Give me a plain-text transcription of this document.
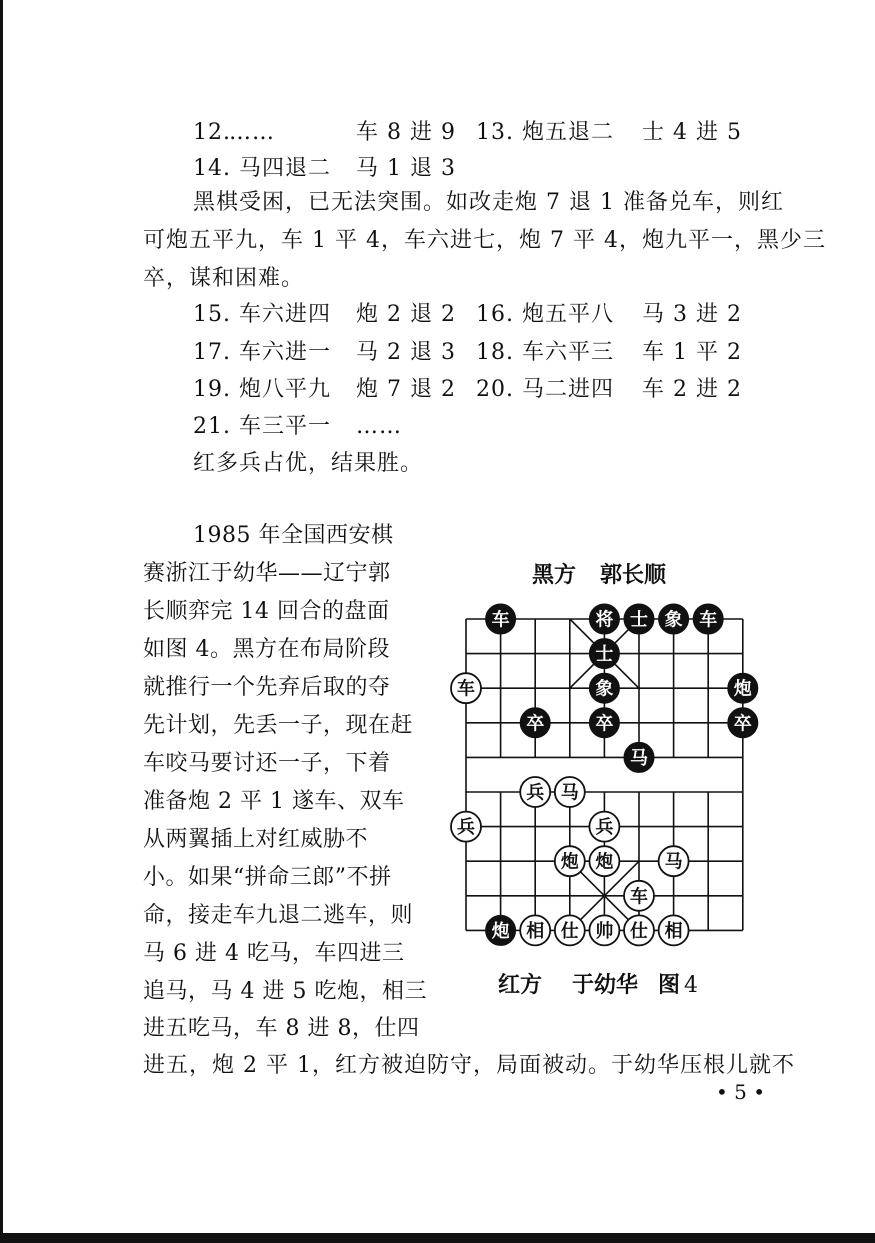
12.
……	车 8 进 9 13. 炮五退二 士 4 进 5
14. 马四退二 马 1 退 3
黑棋受困，已无法突围。如改走炮 7 退 1 准备兑车，则红
可炮五平九，车 1 平 4，车六进七，炮 7 平 4，炮九平一，黑少三
卒，谋和困难。
15. 车六进四 炮 2 退 2 16. 炮五平八 马 3 进 2
17. 车六进一 马 2 退 3 18. 车六平三 车 1 平 2
19. 炮八平九 炮 7 退 2 20. 马二进四 车 2 进 2
21. 车三平一 ……
红多兵占优，结果胜。
1985 年全国西安棋
赛浙江于幼华——辽宁郭
长顺弈完 14 回合的盘面
如图 4。黑方在布局阶段
就推行一个先弃后取的夺
先计划，先丢一子，现在赶
车咬马要讨还一子，下着
准备炮 2 平 1 遂车、双车
从两翼插上对红威胁不
小。如果“拼命三郎”不拼
命，接走车九退二逃车，则
马 6 进 4 吃马，车四进三
追马，马 4 进 5 吃炮，相三
进五吃马，车 8 进 8，仕四
进五，炮 2 平 1，红方被迫防守，局面被动。于幼华压根儿就不
黑方 郭长顺
车	将 士 象 车
士
象	炮
卒	卒	卒
马
车
兵 马
兵	兵
炮 炮	马
车
炮 相 仕 帅 仕 相
红方 于幼华 图 4
• 5 •
